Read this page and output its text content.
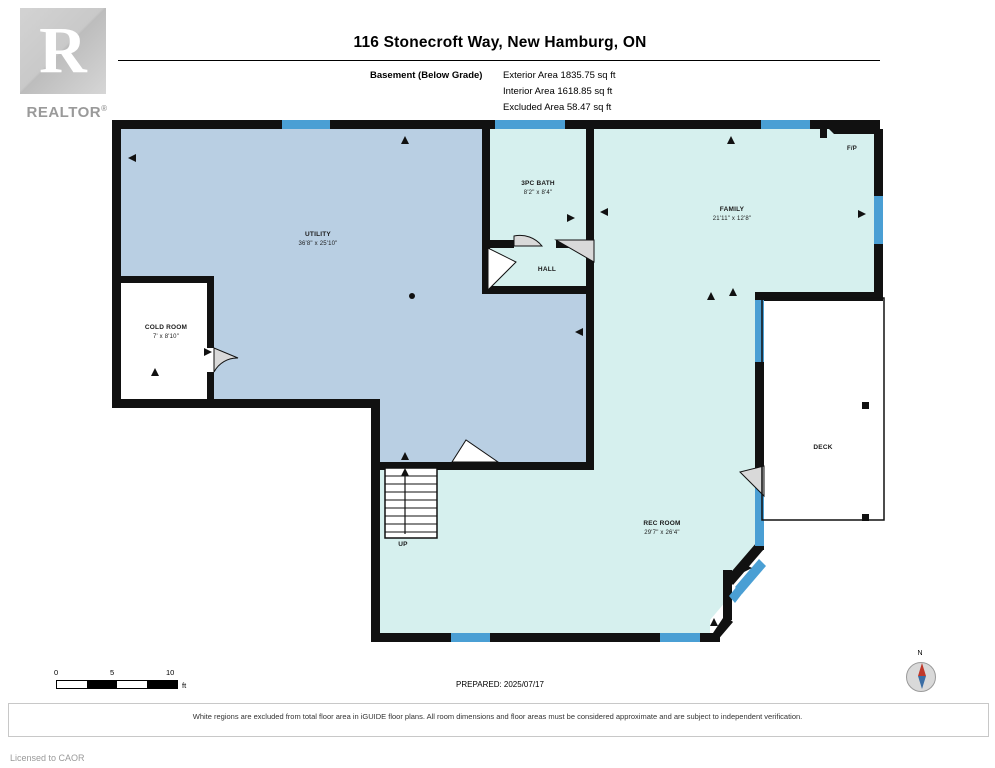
R
REALTOR®
116 Stonecroft Way, New Hamburg, ON
Basement (Below Grade) Exterior Area 1835.75 sq ft
Interior Area 1618.85 sq ft
Excluded Area 58.47 sq ft
UTILITY
36'8" x 25'10"
COLD ROOM
7' x 8'10"
3PC BATH
8'2" x 8'4"
HALL
FAMILY
21'11" x 12'8"
REC ROOM
29'7" x 26'4"
DECK
F/P
UP
0	5	10
ft	PREPARED: 2025/07/17
N
White regions are excluded from total floor area in iGUIDE floor plans. All room dimensions and floor areas must be considered approximate and are subject to independent verification.
Licensed to CAOR
